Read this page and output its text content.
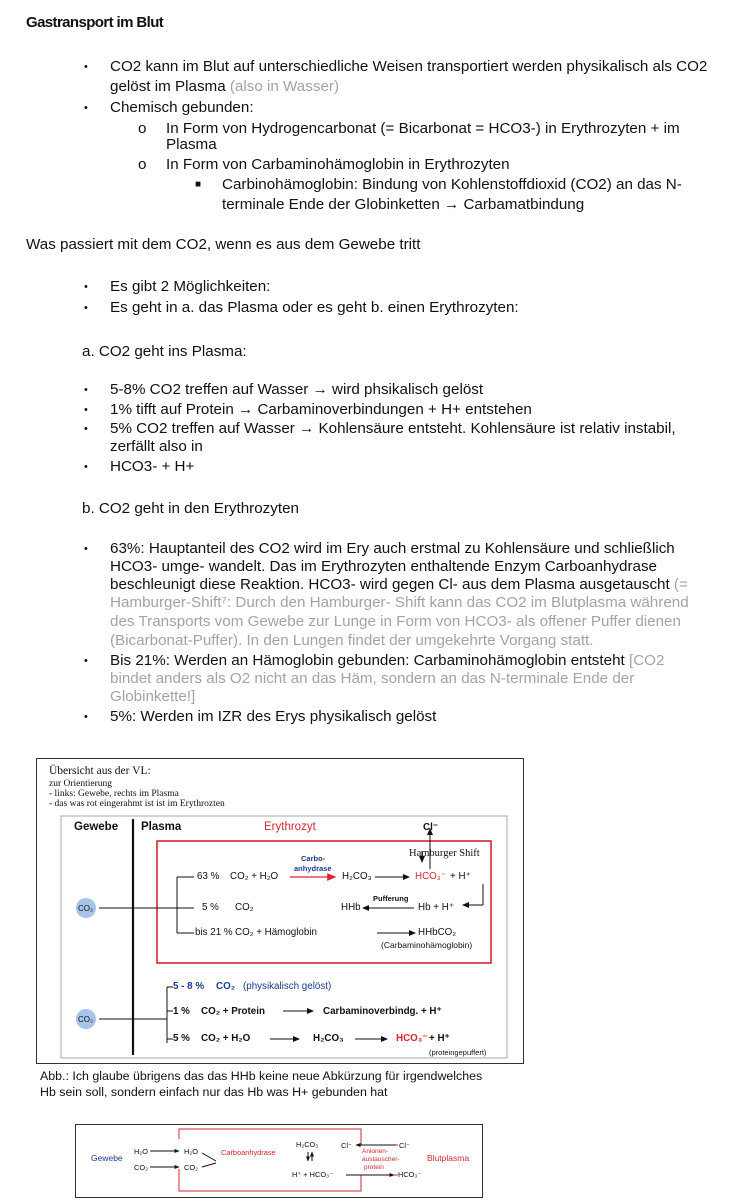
Gastransport im Blut
• CO2 kann im Blut auf unterschiedliche Weisen transportiert werden physikalisch als CO2
gelöst im Plasma (also in Wasser)
• Chemisch gebunden:
o In Form von Hydrogencarbonat (= Bicarbonat = HCO3-) in Erythrozyten + im
Plasma
o In Form von Carbaminohämoglobin in Erythrozyten
■ Carbinohämoglobin: Bindung von Kohlenstoffdioxid (CO2) an das N-
terminale Ende der Globinketten → Carbamatbindung
Was passiert mit dem CO2, wenn es aus dem Gewebe tritt
• Es gibt 2 Möglichkeiten:
• Es geht in a. das Plasma oder es geht b. einen Erythrozyten:
a. CO2 geht ins Plasma:
• 5-8% CO2 treffen auf Wasser → wird phsikalisch gelöst
• 1% tifft auf Protein → Carbaminoverbindungen + H+ entstehen
• 5% CO2 treffen auf Wasser → Kohlensäure entsteht. Kohlensäure ist relativ instabil,
zerfällt also in
• HCO3- + H+
b. CO2 geht in den Erythrozyten
• 63%: Hauptanteil des CO2 wird im Ery auch erstmal zu Kohlensäure und schließlich
HCO3- umge- wandelt. Das im Erythrozyten enthaltende Enzym Carboanhydrase
beschleunigt diese Reaktion. HCO3- wird gegen Cl- aus dem Plasma ausgetauscht (=
Hamburger-Shift⁷: Durch den Hamburger- Shift kann das CO2 im Blutplasma während
des Transports vom Gewebe zur Lunge in Form von HCO3- als offener Puffer dienen
(Bicarbonat-Puffer). In den Lungen findet der umgekehrte Vorgang statt.
• Bis 21%: Werden an Hämoglobin gebunden: Carbaminohämoglobin entsteht [CO2
bindet anders als O2 nicht an das Häm, sondern an das N-terminale Ende der
Globinkette!]
• 5%: Werden im IZR des Erys physikalisch gelöst
Übersicht aus der VL:
zur Orientierung
- links: Gewebe, rechts im Plasma
- das was rot eingerahmt ist ist im Erythrozten
Gewebe Plasma	Erythrozyt	Cl⁻
Hamburger Shift
Carbo-
anhydrase
63 % CO₂ + H₂O	H₂CO₃	HCO₃⁻ + H⁺
Pufferung
5 % CO₂	HHb	Hb + H⁺
bis 21 % CO₂ + Hämoglobin	HHbCO₂
(Carbaminohämoglobin)
CO₂
CO₂
5 - 8 % CO₂ (physikalisch gelöst)
1 % CO₂ + Protein	Carbaminoverbindg. + H⁺
5 % CO₂ + H₂O	H₂CO₃	HCO₃⁻ + H⁺
(proteingepuffert)
Abb.: Ich glaube übrigens das das HHb keine neue Abkürzung für irgendwelches
Hb sein soll, sondern einfach nur das Hb was H+ gebunden hat
Gewebe
H₂O
CO₂
H₂O
CO₂
Carboanhydrase
H₂CO₃
H⁺ + HCO₃⁻
Cl⁻	Cl⁻
Anionen-
austauscher-
protein
HCO₃⁻
Blutplasma
